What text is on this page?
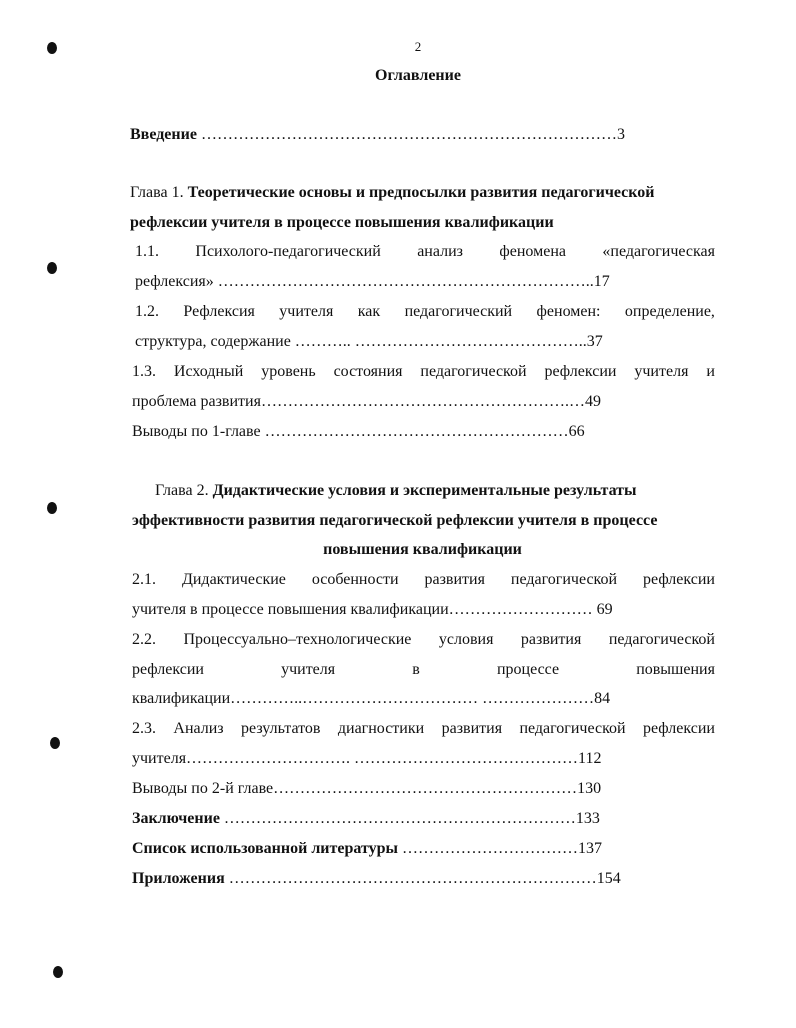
2
Оглавление
Введение ……………………………………………………………………3
Глава 1. Теоретические основы и предпосылки развития педагогической
рефлексии учителя в процессе повышения квалификации
1.1. Психолого-педагогический анализ феномена «педагогическая
рефлексия» ……………………………………………………………..17
1.2. Рефлексия учителя как педагогический феномен: определение,
структура, содержание ……….. ……………………………………..37
1.3. Исходный уровень состояния педагогической рефлексии учителя и
проблема развития………………………………………………….…49
Выводы по 1-главе …………………………………………………66
Глава 2. Дидактические условия и экспериментальные результаты
эффективности развития педагогической рефлексии учителя в процессе
повышения квалификации
2.1. Дидактические особенности развития педагогической рефлексии
учителя в процессе повышения квалификации……………………… 69
2.2. Процессуально–технологические условия развития педагогической
рефлексии	учителя	в	процессе	повышения
квалификации…………..…………………………… …………………84
2.3. Анализ результатов диагностики развития педагогической рефлексии
учителя…………………………. ……………………………………112
Выводы по 2-й главе…………………………………………………130
Заключение …………………………………………………………133
Список использованной литературы ……………………………137
Приложения ……………………………………………………………154
